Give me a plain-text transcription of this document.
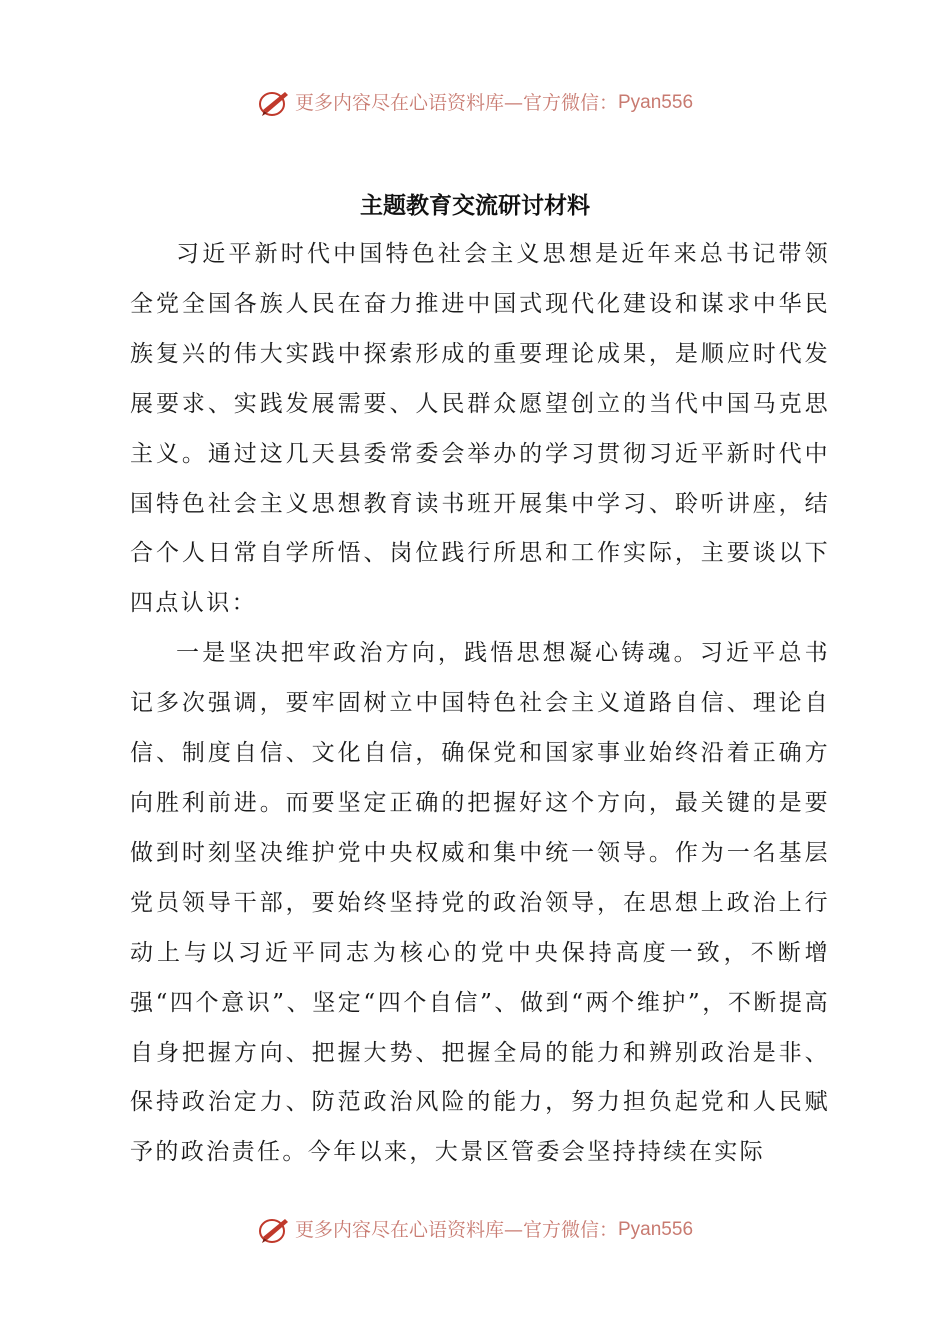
更多内容尽在心语资料库—官方微信：Pyan556
主题教育交流研讨材料

习近平新时代中国特色社会主义思想是近年来总书记带领全党全国各族人民在奋力推进中国式现代化建设和谋求中华民族复兴的伟大实践中探索形成的重要理论成果，是顺应时代发展要求、实践发展需要、人民群众愿望创立的当代中国马克思主义。通过这几天县委常委会举办的学习贯彻习近平新时代中国特色社会主义思想教育读书班开展集中学习、聆听讲座，结合个人日常自学所悟、岗位践行所思和工作实际，主要谈以下四点认识：

一是坚决把牢政治方向，践悟思想凝心铸魂。习近平总书记多次强调，要牢固树立中国特色社会主义道路自信、理论自信、制度自信、文化自信，确保党和国家事业始终沿着正确方向胜利前进。而要坚定正确的把握好这个方向，最关键的是要做到时刻坚决维护党中央权威和集中统一领导。作为一名基层党员领导干部，要始终坚持党的政治领导，在思想上政治上行动上与以习近平同志为核心的党中央保持高度一致，不断增强“四个意识”、坚定“四个自信”、做到“两个维护”，不断提高自身把握方向、把握大势、把握全局的能力和辨别政治是非、保持政治定力、防范政治风险的能力，努力担负起党和人民赋予的政治责任。今年以来，大景区管委会坚持持续在实际

更多内容尽在心语资料库—官方微信：Pyan556
